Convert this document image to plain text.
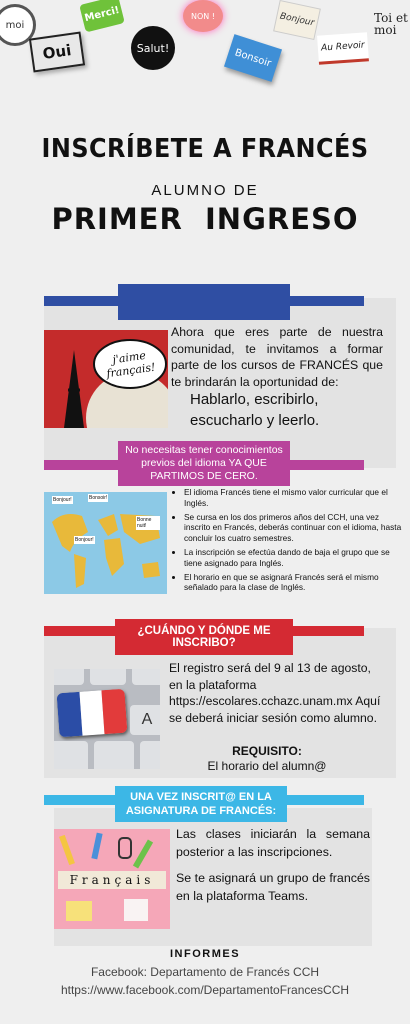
moi
Merci!	NON !	Bonjour	Toi et moi
Oui	Salut!	Bonsoir	Au Revoir
INSCRÍBETE A FRANCÉS
ALUMNO DE
PRIMER  INGRESO
j'aime français!
Ahora que eres parte de nuestra comunidad, te invitamos a formar parte de los cursos de FRANCÉS que te brindarán la oportunidad de:
Hablarlo, escribirlo, escucharlo y leerlo.
No necesitas tener conocimientos previos del idioma YA QUE PARTIMOS DE CERO.
Bonjour!	Bonsoir!
Bonne nuit!
Bonjour!
• El idioma Francés tiene el mismo valor curricular que el Inglés.
• Se cursa en los dos primeros años del CCH, una vez inscrito en Francés, deberás continuar con el idioma, hasta concluir los cuatro semestres.
• La inscripción se efectúa dando de baja el grupo que se tiene asignado para Inglés.
• El horario en que se asignará Francés será el mismo señalado para la clase de Inglés.
¿CUÁNDO Y DÓNDE ME INSCRIBO?
A
El registro será del 9 al 13 de agosto, en la plataforma https://escolares.cchazc.unam.mx Aquí se deberá iniciar sesión como alumno.
REQUISITO:
El horario del alumn@
UNA VEZ INSCRIT@ EN LA ASIGNATURA DE FRANCÉS:
Français
Las clases iniciarán la semana posterior a las inscripciones.
Se te asignará un grupo de francés en la plataforma Teams.
INFORMES
Facebook: Departamento de Francés CCH
https://www.facebook.com/DepartamentoFrancesCCH
